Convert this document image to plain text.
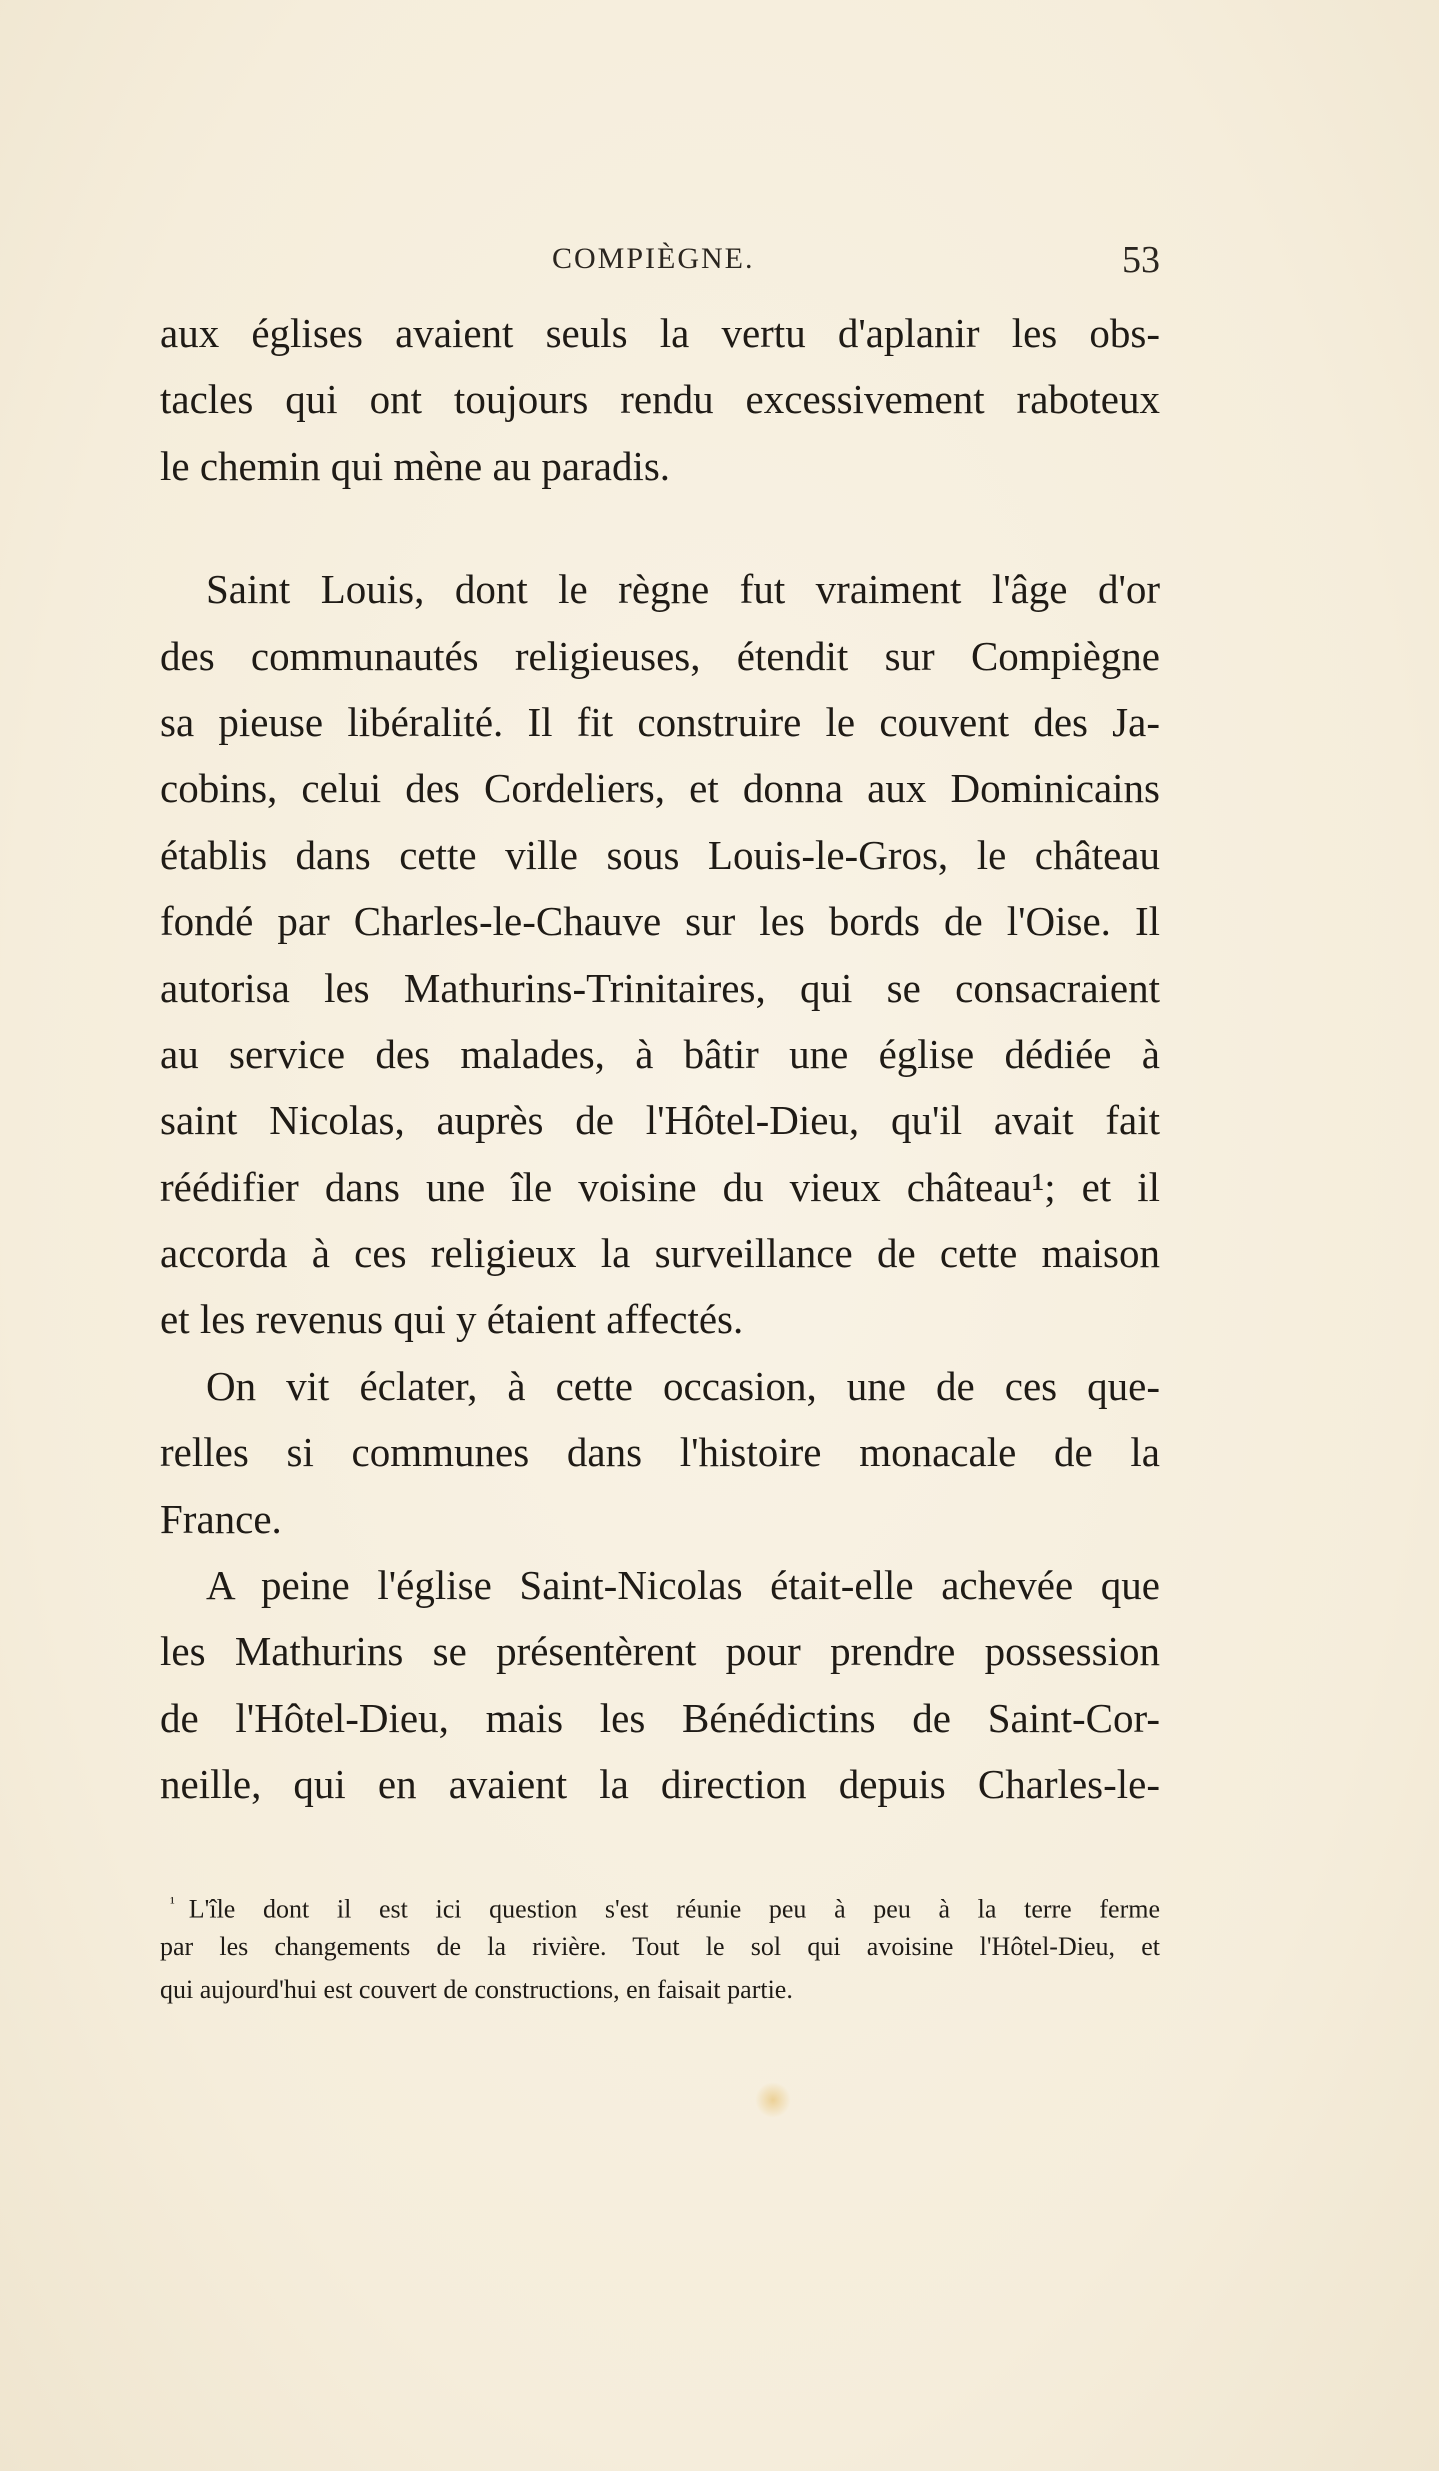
COMPIÈGNE.	53
aux églises avaient seuls la vertu d'aplanir les obs-
tacles qui ont toujours rendu excessivement raboteux
le chemin qui mène au paradis.
Saint Louis, dont le règne fut vraiment l'âge d'or
des communautés religieuses, étendit sur Compiègne
sa pieuse libéralité. Il fit construire le couvent des Ja-
cobins, celui des Cordeliers, et donna aux Dominicains
établis dans cette ville sous Louis-le-Gros, le château
fondé par Charles-le-Chauve sur les bords de l'Oise. Il
autorisa les Mathurins-Trinitaires, qui se consacraient
au service des malades, à bâtir une église dédiée à
saint Nicolas, auprès de l'Hôtel-Dieu, qu'il avait fait
réédifier dans une île voisine du vieux château¹; et il
accorda à ces religieux la surveillance de cette maison
et les revenus qui y étaient affectés.
On vit éclater, à cette occasion, une de ces que-
relles si communes dans l'histoire monacale de la
France.
A peine l'église Saint-Nicolas était-elle achevée que
les Mathurins se présentèrent pour prendre possession
de l'Hôtel-Dieu, mais les Bénédictins de Saint-Cor-
neille, qui en avaient la direction depuis Charles-le-
$^{^1}$ L'île dont il est ici question s'est réunie peu à peu à la terre ferme
par les changements de la rivière. Tout le sol qui avoisine l'Hôtel-Dieu, et
qui aujourd'hui est couvert de constructions, en faisait partie.
